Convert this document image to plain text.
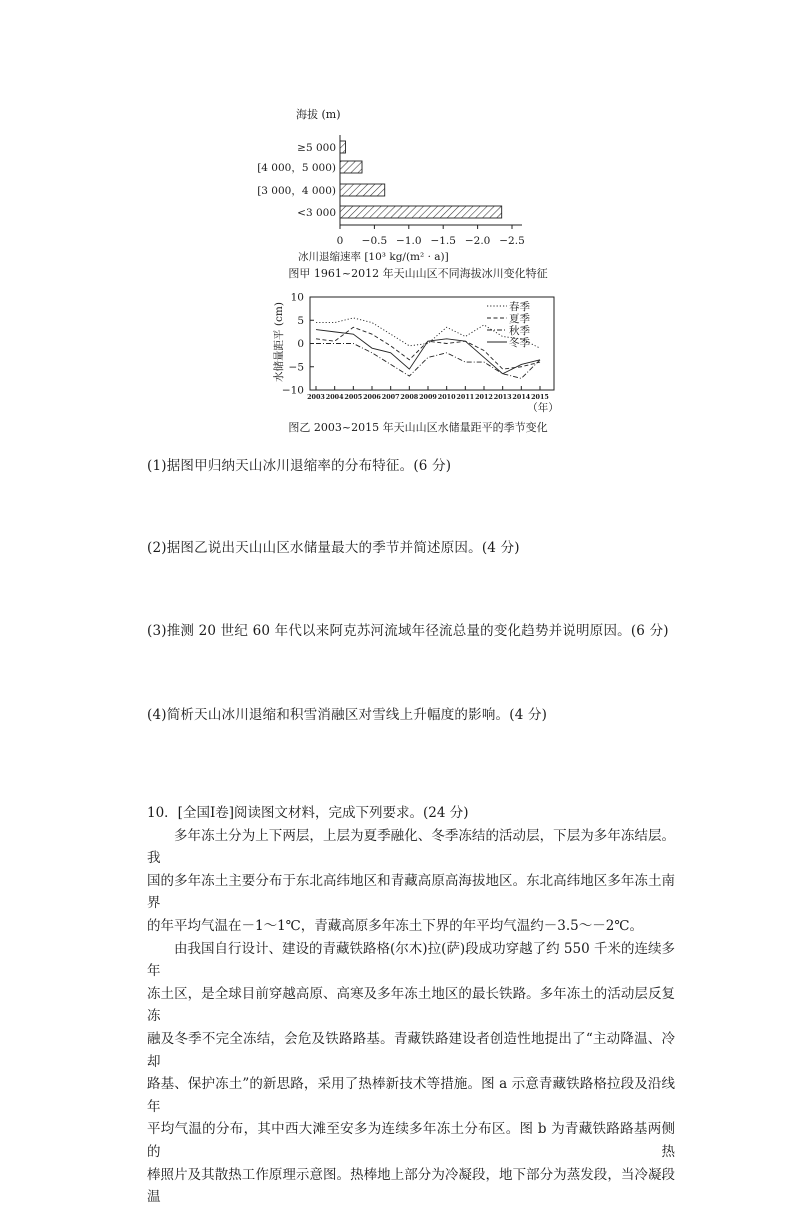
海拔 (m)
≥5 000
[4 000，5 000)
[3 000，4 000)
<3 000
0 −0.5 −1.0 −1.5 −2.0 −2.5
冰川退缩速率 [10³ kg/(m² · a)]
图甲 1961~2012 年天山山区不同海拔冰川变化特征
10
5
0
−5
−10
2003 2004 2005 2006 2007 2008 2009 2010 2011 2012 2013 2014 2015
春季
夏季
秋季
冬季
水储量距平 (cm)
（年）
图乙 2003~2015 年天山山区水储量距平的季节变化

(1)据图甲归纳天山冰川退缩率的分布特征。(6 分)

(2)据图乙说出天山山区水储量最大的季节并简述原因。(4 分)

(3)推测 20 世纪 60 年代以来阿克苏河流域年径流总量的变化趋势并说明原因。(6 分)

(4)简析天山冰川退缩和积雪消融区对雪线上升幅度的影响。(4 分)

10．[全国Ⅰ卷]阅读图文材料，完成下列要求。(24 分)

多年冻土分为上下两层，上层为夏季融化、冬季冻结的活动层，下层为多年冻结层。我

国的多年冻土主要分布于东北高纬地区和青藏高原高海拔地区。东北高纬地区多年冻土南界

的年平均气温在－1～1℃，青藏高原多年冻土下界的年平均气温约－3.5～－2℃。

由我国自行设计、建设的青藏铁路格(尔木)拉(萨)段成功穿越了约 550 千米的连续多年

冻土区，是全球目前穿越高原、高寒及多年冻土地区的最长铁路。多年冻土的活动层反复冻

融及冬季不完全冻结，会危及铁路路基。青藏铁路建设者创造性地提出了“主动降温、冷却

路基、保护冻土”的新思路，采用了热棒新技术等措施。图 a 示意青藏铁路格拉段及沿线年

平均气温的分布，其中西大滩至安多为连续多年冻土分布区。图 b 为青藏铁路路基两侧的热

棒照片及其散热工作原理示意图。热棒地上部分为冷凝段，地下部分为蒸发段，当冷凝段温
